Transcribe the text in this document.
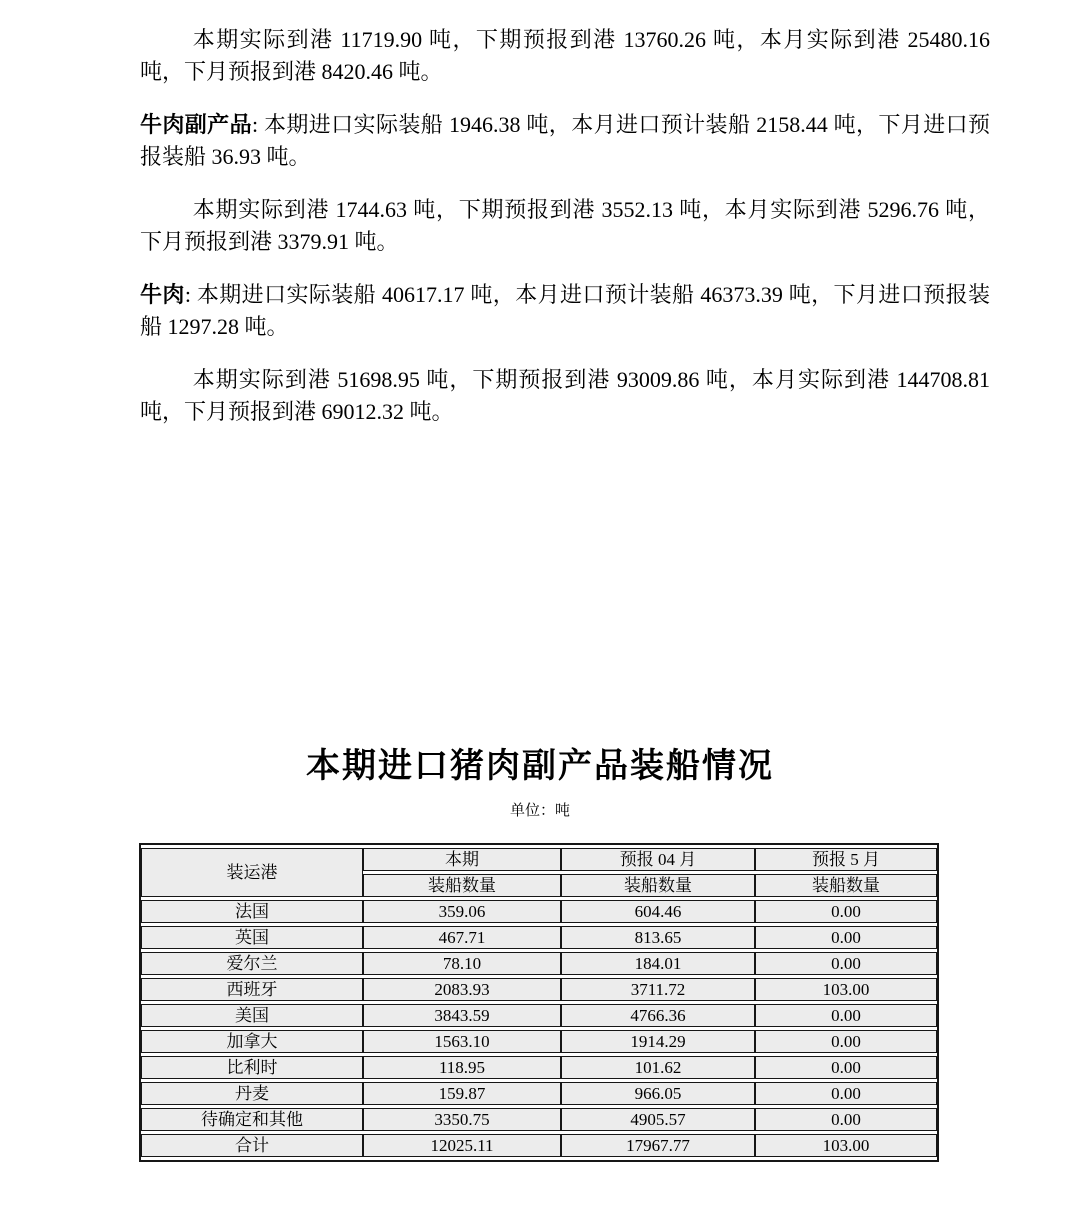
本期实际到港 11719.90 吨，下期预报到港 13760.26 吨，本月实际到港 25480.16 吨，下月预报到港 8420.46 吨。

牛肉副产品: 本期进口实际装船 1946.38 吨，本月进口预计装船 2158.44 吨，下月进口预报装船 36.93 吨。

本期实际到港 1744.63 吨，下期预报到港 3552.13 吨，本月实际到港 5296.76 吨，下月预报到港 3379.91 吨。

牛肉: 本期进口实际装船 40617.17 吨，本月进口预计装船 46373.39 吨，下月进口预报装船 1297.28 吨。

本期实际到港 51698.95 吨，下期预报到港 93009.86 吨，本月实际到港 144708.81 吨，下月预报到港 69012.32 吨。

本期进口猪肉副产品装船情况
单位：吨
装运港	本期	预报 04 月	预报 5 月
	装船数量	装船数量	装船数量
法国	359.06	604.46	0.00
英国	467.71	813.65	0.00
爱尔兰	78.10	184.01	0.00
西班牙	2083.93	3711.72	103.00
美国	3843.59	4766.36	0.00
加拿大	1563.10	1914.29	0.00
比利时	118.95	101.62	0.00
丹麦	159.87	966.05	0.00
待确定和其他	3350.75	4905.57	0.00
合计	12025.11	17967.77	103.00
